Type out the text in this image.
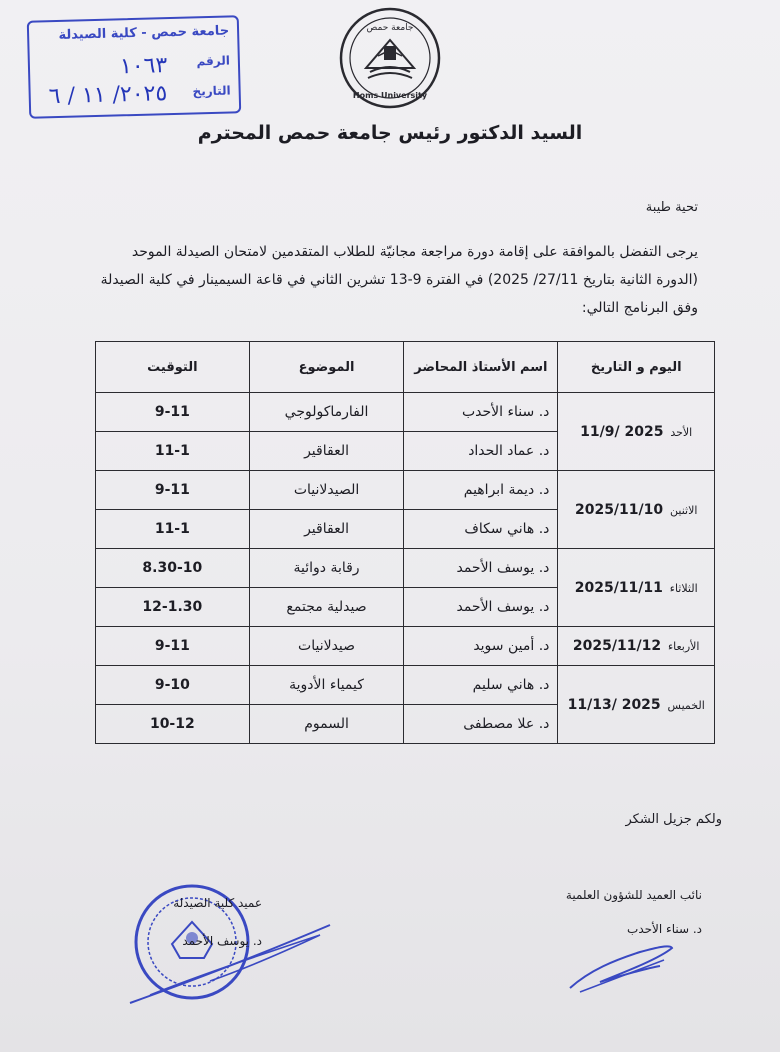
جامعة حمص - كلية الصيدلة
الرقم
التاريخ
١٠٦٣
٢٠٢٥/ ١١ / ٦
جامعة حمص
Homs University
السيد الدكتور رئيس جامعة حمص المحترم
تحية طيبة
يرجى التفضل بالموافقة على إقامة دورة مراجعة مجانيّة للطلاب المتقدمين لامتحان الصيدلة الموحد
(الدورة الثانية بتاريخ 27/11/ 2025) في الفترة 9-13 تشرين الثاني في قاعة السيمينار في كلية الصيدلة
وفق البرنامج التالي:
اليوم و التاريخ	اسم الأستاذ المحاضر	الموضوع	التوقيت
الأحد 2025 /11/9	د. سناء الأحدب	الفارماكولوجي	9-11
	د. عماد الحداد	العقاقير	11-1
الاثنين 2025/11/10	د. ديمة ابراهيم	الصيدلانيات	9-11
	د. هاني سكاف	العقاقير	11-1
الثلاثاء 2025/11/11	د. يوسف الأحمد	رقابة دوائية	8.30-10
	د. يوسف الأحمد	صيدلية مجتمع	12-1.30
الأربعاء 2025/11/12	د. أمين سويد	صيدلانيات	9-11
الخميس 2025 /11/13	د. هاني سليم	كيمياء الأدوية	9-10
	د. علا مصطفى	السموم	10-12
ولكم جزيل الشكر
نائب العميد للشؤون العلمية
د. سناء الأحدب
عميد كلية الصيدلة
د. يوسف الأحمد
